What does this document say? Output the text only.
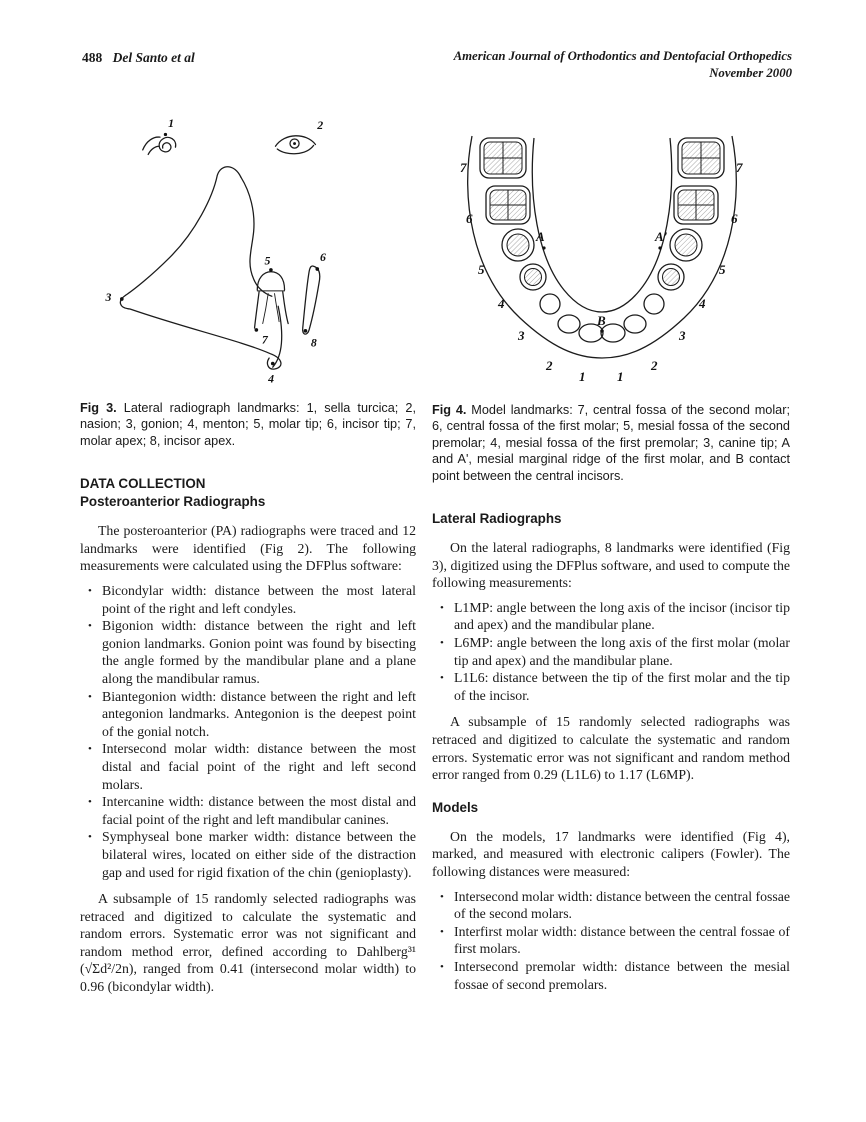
488 Del Santo et al	American Journal of Orthodontics and Dentofacial Orthopedics
November 2000
1	2
3
4
5	6
7	8

Fig 3. Lateral radiograph landmarks: 1, sella turcica; 2, nasion; 3, gonion; 4, menton; 5, molar tip; 6, incisor tip; 7, molar apex; 8, incisor apex.

DATA COLLECTION
Posteroanterior Radiographs

The posteroanterior (PA) radiographs were traced and 12 landmarks were identified (Fig 2). The following measurements were calculated using the DFPlus software:

• Bicondylar width: distance between the most lateral point of the right and left condyles.
• Bigonion width: distance between the right and left gonion landmarks. Gonion point was found by bisecting the angle formed by the mandibular plane and a plane along the mandibular ramus.
• Biantegonion width: distance between the right and left antegonion landmarks. Antegonion is the deepest point of the gonial notch.
• Intersecond molar width: distance between the most distal and facial point of the right and left second molars.
• Intercanine width: distance between the most distal and facial point of the right and left mandibular canines.
• Symphyseal bone marker width: distance between the bilateral wires, located on either side of the distraction gap and used for rigid fixation of the chin (genioplasty).

A subsample of 15 randomly selected radiographs was retraced and digitized to calculate the systematic and random errors. Systematic error was not significant and random method error, defined according to Dahlberg³¹ (√Σd²/2n), ranged from 0.41 (intersecond molar width) to 0.96 (bicondylar width).

7
6
5
4
3
2
1
7
6
5
4
3
2
1
A	A'
B

Fig 4. Model landmarks: 7, central fossa of the second molar; 6, central fossa of the first molar; 5, mesial fossa of the second premolar; 4, mesial fossa of the first premolar; 3, canine tip; A and A', mesial marginal ridge of the first molar, and B contact point between the central incisors.

Lateral Radiographs

On the lateral radiographs, 8 landmarks were identified (Fig 3), digitized using the DFPlus software, and used to compute the following measurements:

• L1MP: angle between the long axis of the incisor (incisor tip and apex) and the mandibular plane.
• L6MP: angle between the long axis of the first molar (molar tip and apex) and the mandibular plane.
• L1L6: distance between the tip of the first molar and the tip of the incisor.

A subsample of 15 randomly selected radiographs was retraced and digitized to calculate the systematic and random errors. Systematic error was not significant and random method error ranged from 0.29 (L1L6) to 1.17 (L6MP).

Models

On the models, 17 landmarks were identified (Fig 4), marked, and measured with electronic calipers (Fowler). The following distances were measured:

• Intersecond molar width: distance between the central fossae of the second molars.
• Interfirst molar width: distance between the central fossae of first molars.
• Intersecond premolar width: distance between the mesial fossae of second premolars.
